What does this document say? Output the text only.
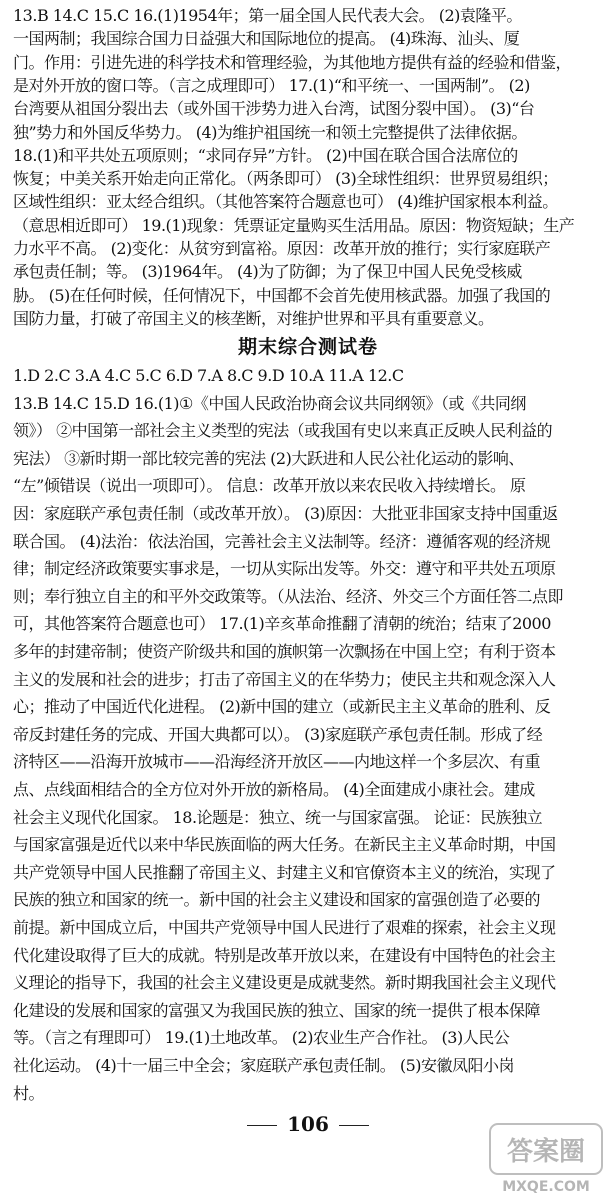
13.B 14.C 15.C 16.(1)1954年；第一届全国人民代表大会。 (2)袁隆平。
一国两制；我国综合国力日益强大和国际地位的提高。 (4)珠海、汕头、厦
门。作用：引进先进的科学技术和管理经验，为其他地方提供有益的经验和借鉴，
是对外开放的窗口等。（言之成理即可） 17.(1)“和平统一、一国两制”。 (2)
台湾要从祖国分裂出去（或外国干涉势力进入台湾，试图分裂中国）。 (3)“台
独”势力和外国反华势力。 (4)为维护祖国统一和领土完整提供了法律依据。
18.(1)和平共处五项原则；“求同存异”方针。 (2)中国在联合国合法席位的
恢复；中美关系开始走向正常化。（两条即可） (3)全球性组织：世界贸易组织；
区域性组织：亚太经合组织。（其他答案符合题意也可） (4)维护国家根本利益。
（意思相近即可） 19.(1)现象：凭票证定量购买生活用品。原因：物资短缺；生产
力水平不高。 (2)变化：从贫穷到富裕。原因：改革开放的推行；实行家庭联产
承包责任制；等。 (3)1964年。 (4)为了防御；为了保卫中国人民免受核威
胁。 (5)在任何时候，任何情况下，中国都不会首先使用核武器。加强了我国的
国防力量，打破了帝国主义的核垄断，对维护世界和平具有重要意义。
期末综合测试卷
1.D 2.C 3.A 4.C 5.C 6.D 7.A 8.C 9.D 10.A 11.A 12.C
13.B 14.C 15.D 16.(1)①《中国人民政治协商会议共同纲领》（或《共同纲
领》） ②中国第一部社会主义类型的宪法（或我国有史以来真正反映人民利益的
宪法） ③新时期一部比较完善的宪法 (2)大跃进和人民公社化运动的影响、
“左”倾错误（说出一项即可）。 信息：改革开放以来农民收入持续增长。 原
因：家庭联产承包责任制（或改革开放）。 (3)原因：大批亚非国家支持中国重返
联合国。 (4)法治：依法治国，完善社会主义法制等。经济：遵循客观的经济规
律；制定经济政策要实事求是，一切从实际出发等。外交：遵守和平共处五项原
则；奉行独立自主的和平外交政策等。（从法治、经济、外交三个方面任答二点即
可，其他答案符合题意也可） 17.(1)辛亥革命推翻了清朝的统治；结束了2000
多年的封建帝制；使资产阶级共和国的旗帜第一次飘扬在中国上空；有利于资本
主义的发展和社会的进步；打击了帝国主义的在华势力；使民主共和观念深入人
心；推动了中国近代化进程。 (2)新中国的建立（或新民主主义革命的胜利、反
帝反封建任务的完成、开国大典都可以）。 (3)家庭联产承包责任制。形成了经
济特区——沿海开放城市——沿海经济开放区——内地这样一个多层次、有重
点、点线面相结合的全方位对外开放的新格局。 (4)全面建成小康社会。建成
社会主义现代化国家。 18.论题是：独立、统一与国家富强。 论证：民族独立
与国家富强是近代以来中华民族面临的两大任务。在新民主主义革命时期，中国
共产党领导中国人民推翻了帝国主义、封建主义和官僚资本主义的统治，实现了
民族的独立和国家的统一。新中国的社会主义建设和国家的富强创造了必要的
前提。新中国成立后，中国共产党领导中国人民进行了艰难的探索，社会主义现
代化建设取得了巨大的成就。特别是改革开放以来，在建设有中国特色的社会主
义理论的指导下，我国的社会主义建设更是成就斐然。新时期我国社会主义现代
化建设的发展和国家的富强又为我国民族的独立、国家的统一提供了根本保障
等。（言之有理即可） 19.(1)土地改革。 (2)农业生产合作社。 (3)人民公
社化运动。 (4)十一届三中全会；家庭联产承包责任制。 (5)安徽凤阳小岗
村。
106
答案圈
MXQE.COM
